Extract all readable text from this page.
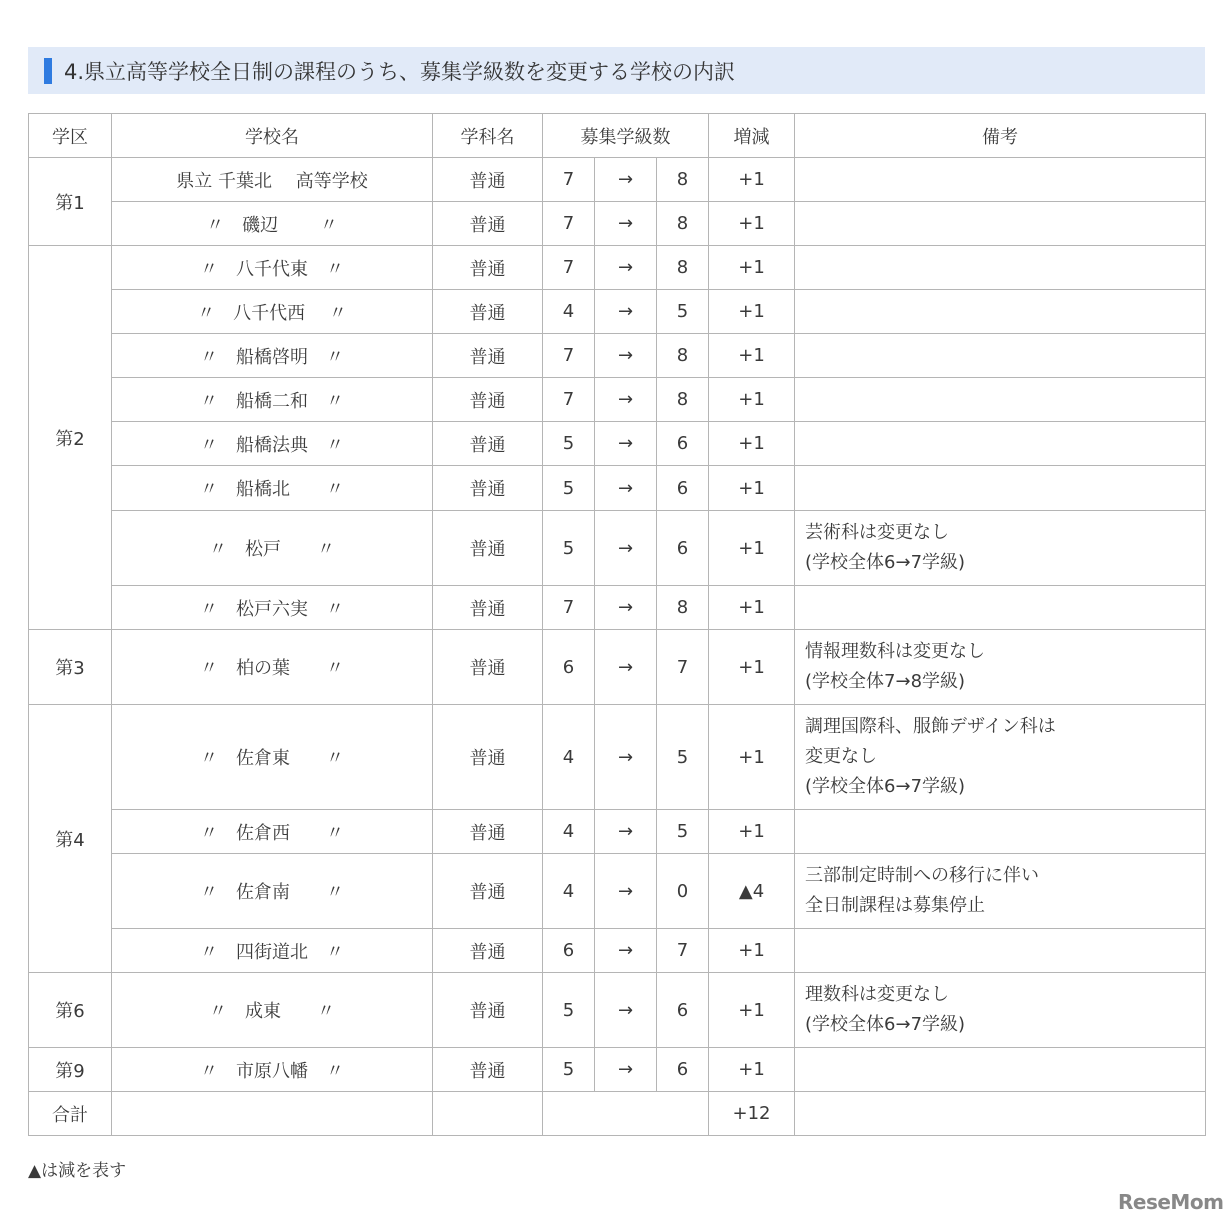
4.県立高等学校全日制の課程のうち、募集学級数を変更する学校の内訳
学区	学校名	学科名	募集学級数			増減	備考
第1	県立 千葉北　 高等学校	普通	7	→	8	+1	
	〃　磯辺　　 〃	普通	7	→	8	+1	
第2	〃　八千代東　〃	普通	7	→	8	+1	
	〃　八千代西　 〃	普通	4	→	5	+1	
	〃　船橋啓明　〃	普通	7	→	8	+1	
	〃　船橋二和　〃	普通	7	→	8	+1	
	〃　船橋法典　〃	普通	5	→	6	+1	
	〃　船橋北　　〃	普通	5	→	6	+1	
	〃　松戸　　〃	普通	5	→	6	+1	芸術科は変更なし
(学校全体6→7学級)

	〃　松戸六実　〃	普通	7	→	8	+1	
第3	〃　柏の葉　　〃	普通	6	→	7	+1	情報理数科は変更なし
(学校全体7→8学級)

第4	〃　佐倉東　　〃	普通	4	→	5	+1	調理国際科、服飾デザイン科は
変更なし
(学校全体6→7学級)

	〃　佐倉西　　〃	普通	4	→	5	+1	
	〃　佐倉南　　〃	普通	4	→	0	▲4	三部制定時制への移行に伴い
全日制課程は募集停止

	〃　四街道北　〃	普通	6	→	7	+1	
第6	〃　成東　　〃	普通	5	→	6	+1	理数科は変更なし
(学校全体6→7学級)

第9	〃　市原八幡　〃	普通	5	→	6	+1	
合計						+12	
▲は減を表す
ReseMom
